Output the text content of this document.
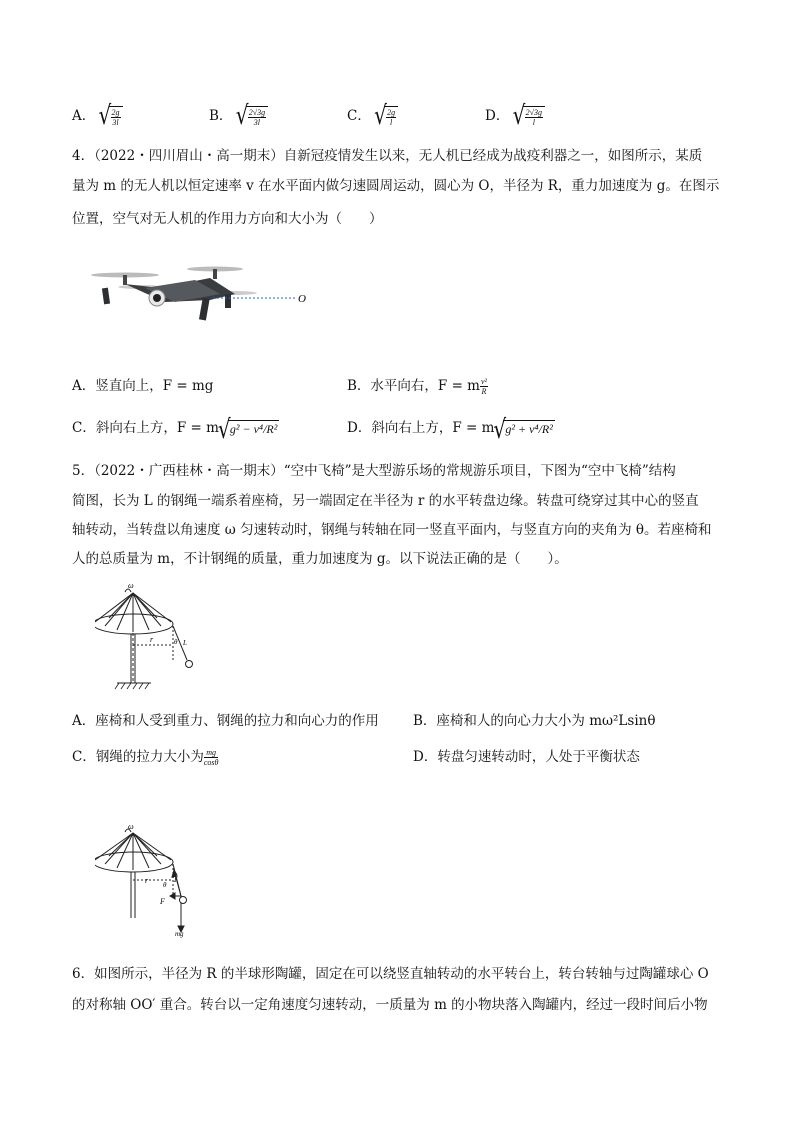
A． √ $\frac{2g}{3l}$	B． √ $\frac{2√3g}{3l}$	C． √ $\frac{2g}{l}$	D． √ $\frac{2√3g}{l}$
4．（2022・四川眉山・高一期末）自新冠疫情发生以来，无人机已经成为战疫利器之一，如图所示，某质
量为 m 的无人机以恒定速率 v 在水平面内做匀速圆周运动，圆心为 O，半径为 R，重力加速度为 g。在图示
位置，空气对无人机的作用力方向和大小为（　　）
O
A．竖直向上，F = mg	B．水平向右，F = m $\frac{\text{v²}}{R}$
C．斜向右上方，F = m √ g² − v⁴/R²	D．斜向右上方，F = m √ g² + v⁴/R²
5．（2022・广西桂林・高一期末）“空中飞椅”是大型游乐场的常规游乐项目，下图为“空中飞椅”结构
简图，长为 L 的钢绳一端系着座椅，另一端固定在半径为 r 的水平转盘边缘。转盘可绕穿过其中心的竖直
轴转动，当转盘以角速度 ω 匀速转动时，钢绳与转轴在同一竖直平面内，与竖直方向的夹角为 θ。若座椅和
人的总质量为 m，不计钢绳的质量，重力加速度为 g。以下说法正确的是（　　）。
ω
r	θ L
A．座椅和人受到重力、钢绳的拉力和向心力的作用	B．座椅和人的向心力大小为 mω²Lsinθ
C．钢绳的拉力大小为 $\frac{mg}{\cos\theta}$	D．转盘匀速转动时，人处于平衡状态
ω
r θ
T
F
mg
6．如图所示，半径为 R 的半球形陶罐，固定在可以绕竖直轴转动的水平转台上，转台转轴与过陶罐球心 O
的对称轴 OO′ 重合。转台以一定角速度匀速转动，一质量为 m 的小物块落入陶罐内，经过一段时间后小物
